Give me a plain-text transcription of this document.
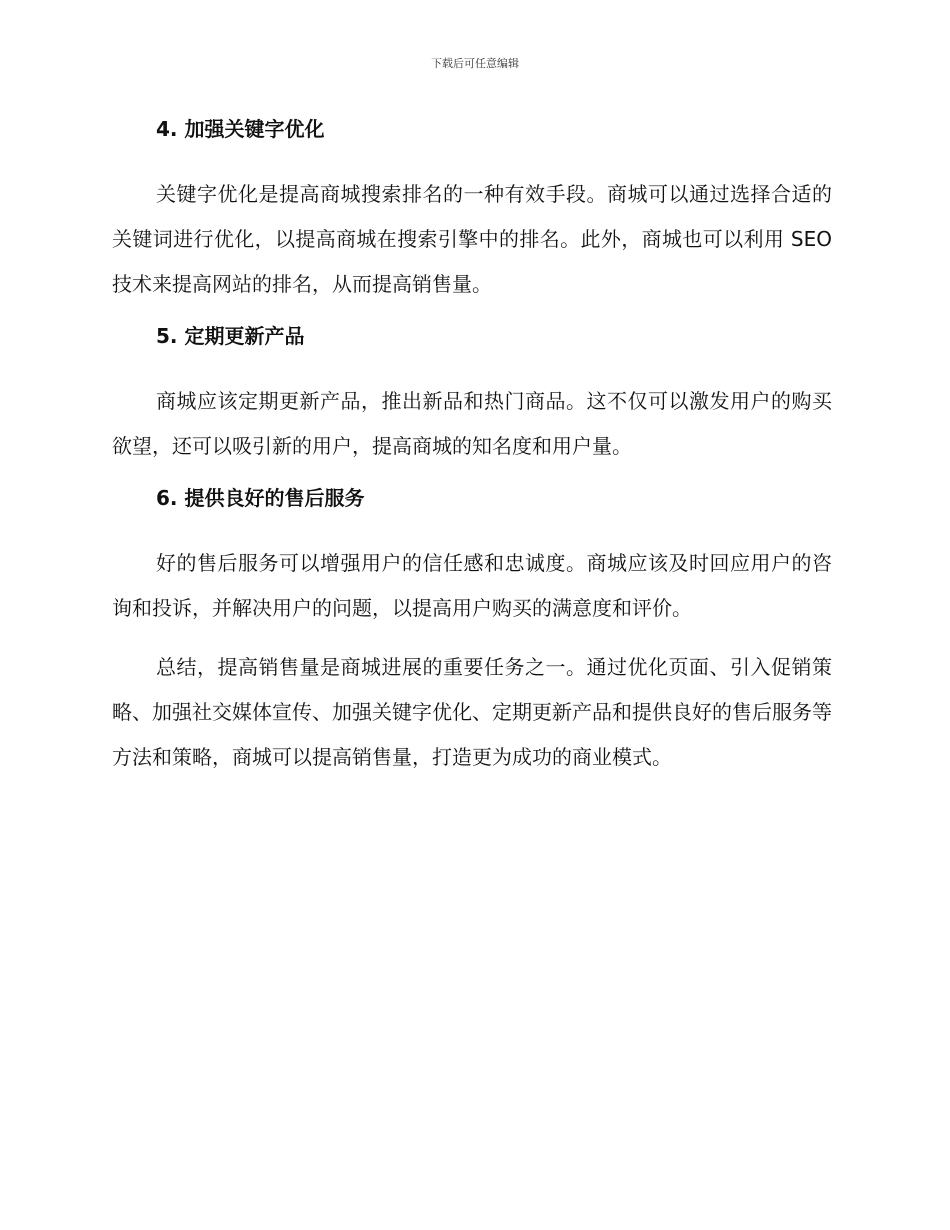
下载后可任意编辑
4. 加强关键字优化

关键字优化是提高商城搜索排名的一种有效手段。商城可以通过选择合适的关键词进行优化，以提高商城在搜索引擎中的排名。此外，商城也可以利用 SEO 技术来提高网站的排名，从而提高销售量。

5. 定期更新产品

商城应该定期更新产品，推出新品和热门商品。这不仅可以激发用户的购买欲望，还可以吸引新的用户，提高商城的知名度和用户量。

6. 提供良好的售后服务

好的售后服务可以增强用户的信任感和忠诚度。商城应该及时回应用户的咨询和投诉，并解决用户的问题，以提高用户购买的满意度和评价。

总结，提高销售量是商城进展的重要任务之一。通过优化页面、引入促销策略、加强社交媒体宣传、加强关键字优化、定期更新产品和提供良好的售后服务等方法和策略，商城可以提高销售量，打造更为成功的商业模式。
